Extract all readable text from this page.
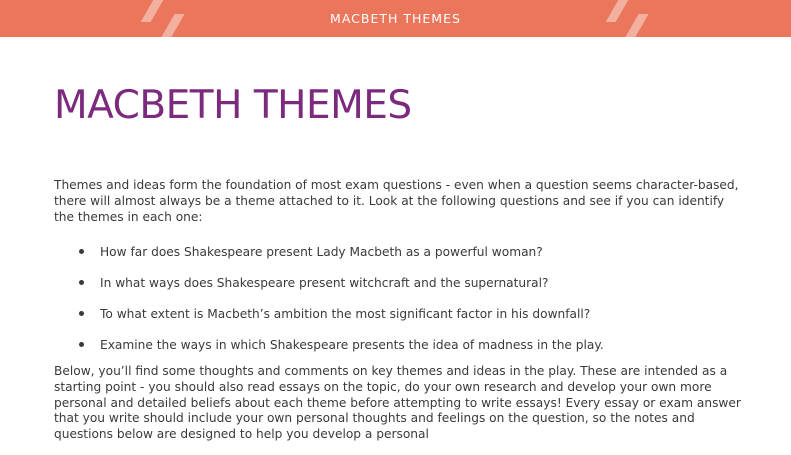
MACBETH THEMES
MACBETH THEMES

Themes and ideas form the foundation of most exam questions - even when a question seems character-based, there will almost always be a theme attached to it. Look at the following questions and see if you can identify the themes in each one:

How far does Shakespeare present Lady Macbeth as a powerful woman?
In what ways does Shakespeare present witchcraft and the supernatural?
To what extent is Macbeth’s ambition the most significant factor in his downfall?
Examine the ways in which Shakespeare presents the idea of madness in the play.

Below, you’ll find some thoughts and comments on key themes and ideas in the play. These are intended as a starting point - you should also read essays on the topic, do your own research and develop your own more personal and detailed beliefs about each theme before attempting to write essays! Every essay or exam answer that you write should include your own personal thoughts and feelings on the question, so the notes and questions below are designed to help you develop a personal
